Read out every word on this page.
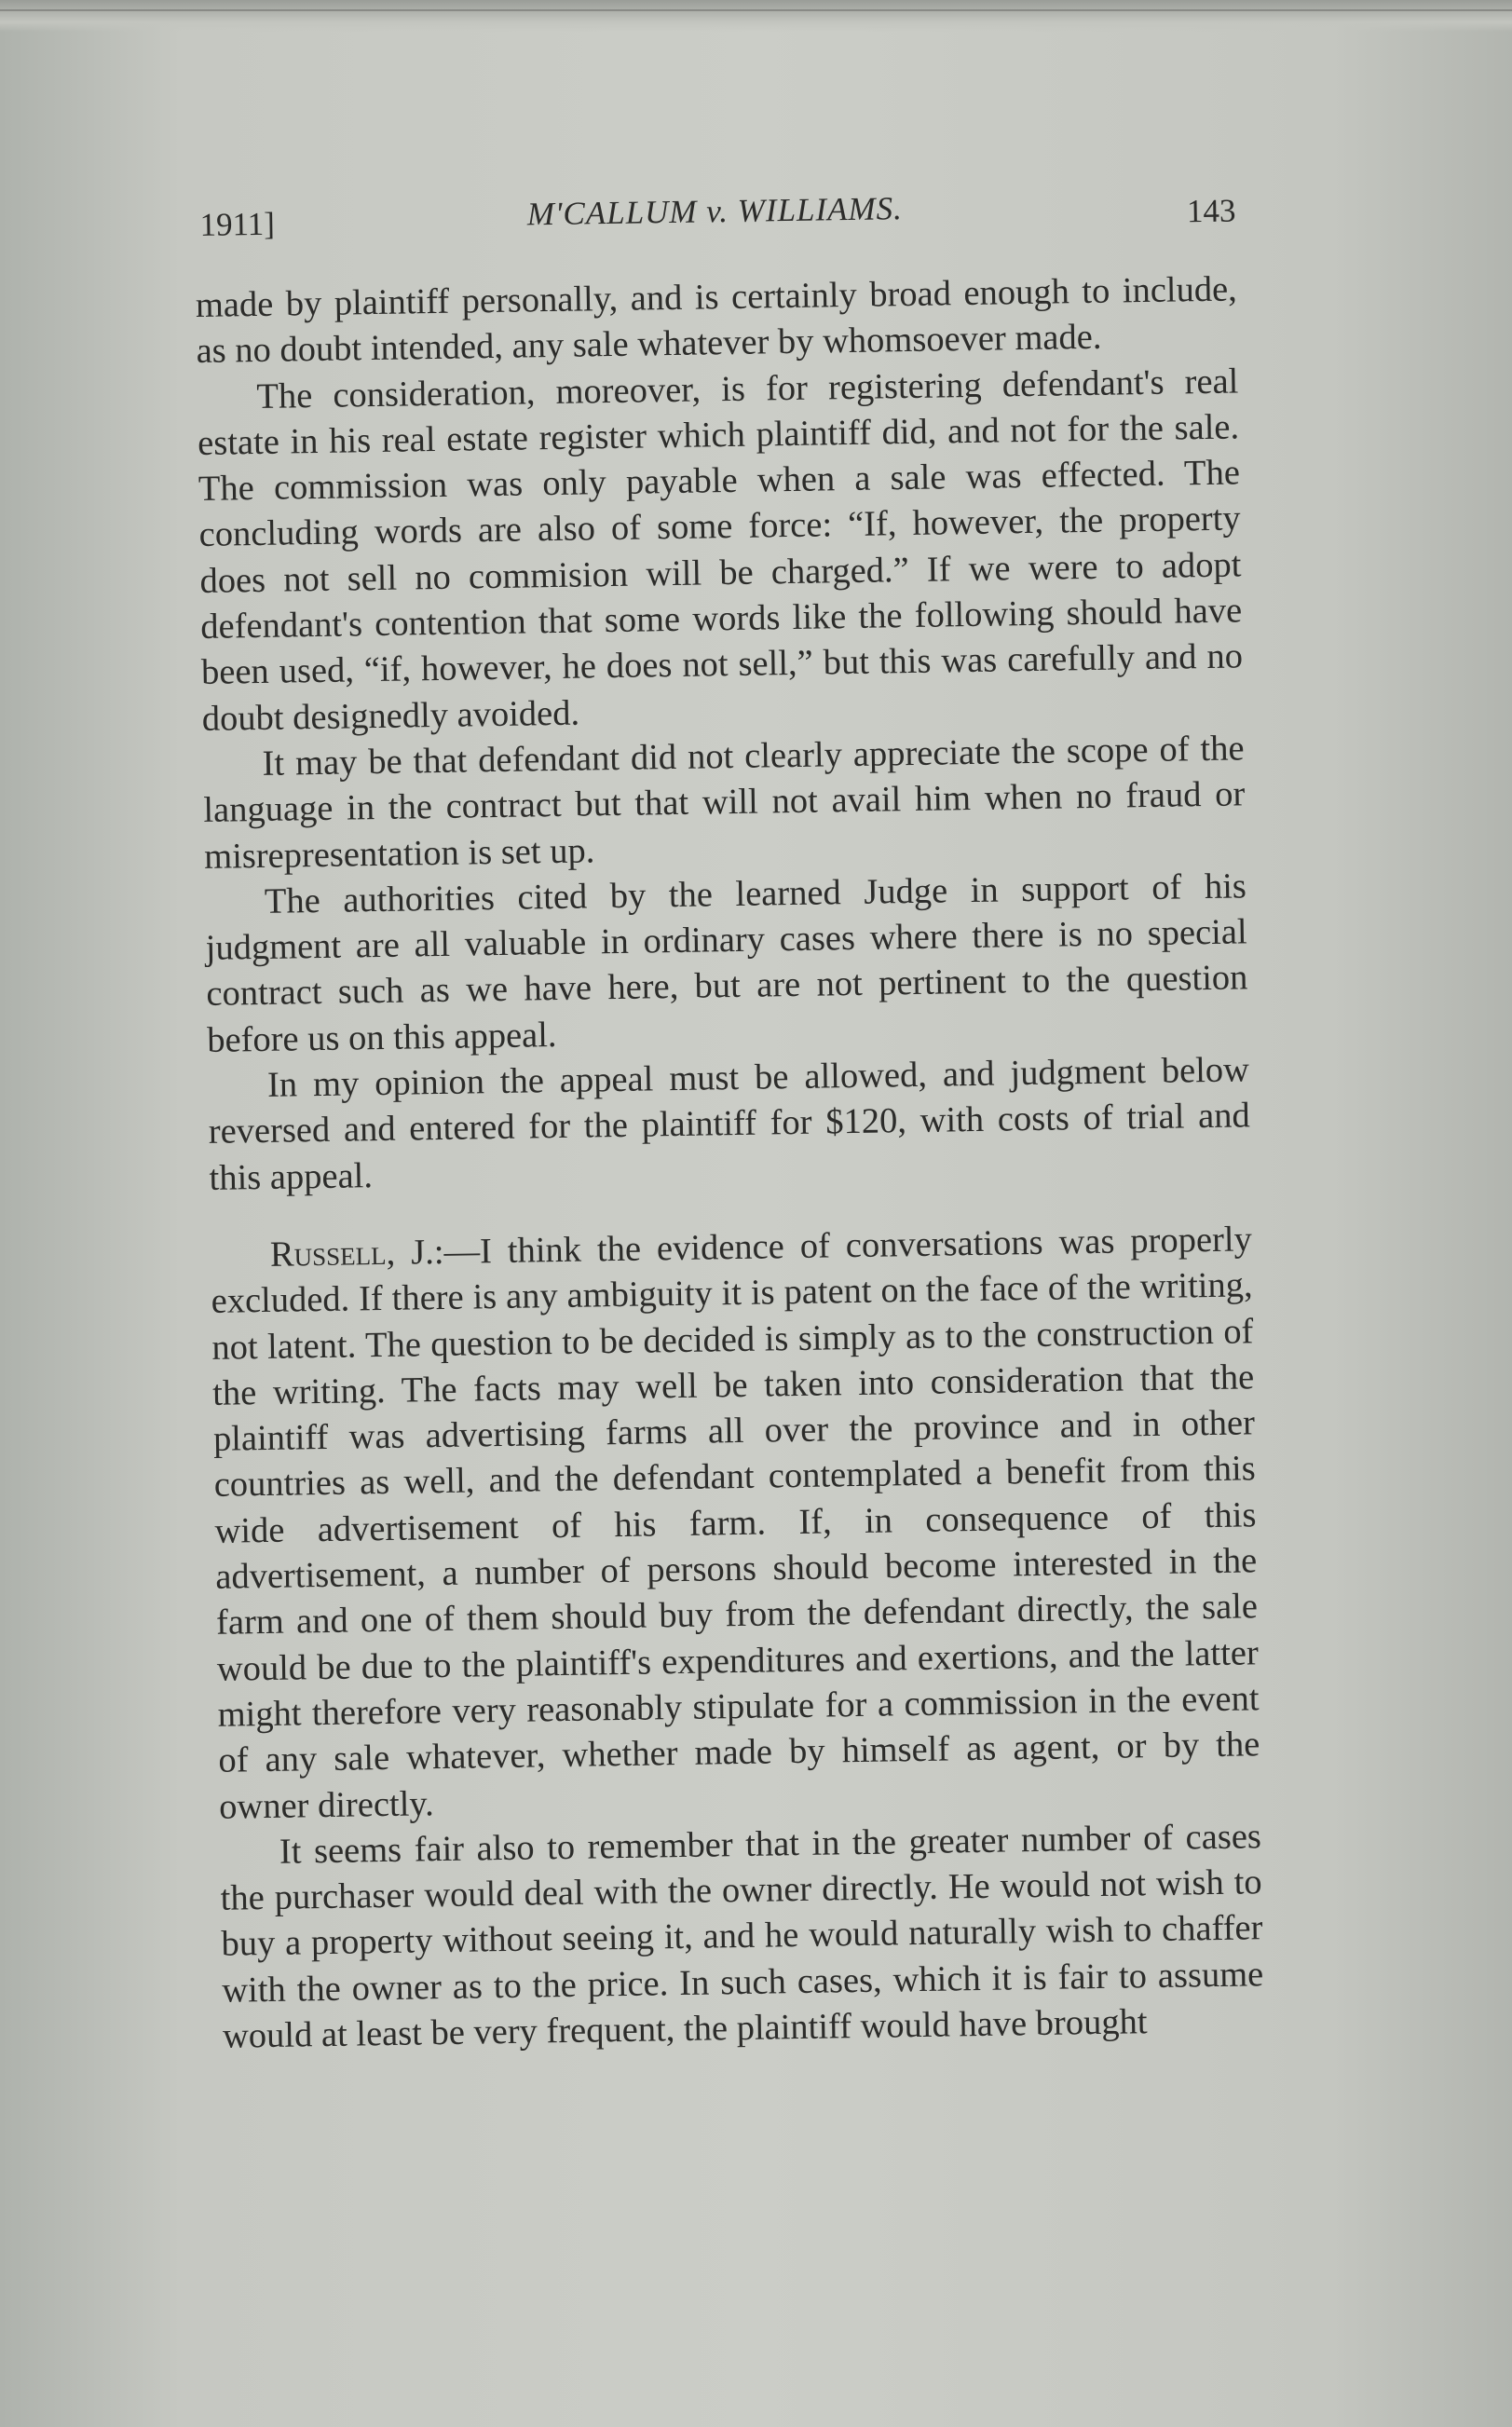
1911]	M'CALLUM v. WILLIAMS.	143

made by plaintiff personally, and is certainly broad enough to include, as no doubt intended, any sale whatever by whomsoever made.

The consideration, moreover, is for registering defendant's real estate in his real estate register which plaintiff did, and not for the sale. The commission was only payable when a sale was effected. The concluding words are also of some force: “If, however, the property does not sell no commision will be charged.” If we were to adopt defendant's contention that some words like the following should have been used, “if, however, he does not sell,” but this was carefully and no doubt designedly avoided.

It may be that defendant did not clearly appreciate the scope of the language in the contract but that will not avail him when no fraud or misrepresentation is set up.

The authorities cited by the learned Judge in support of his judgment are all valuable in ordinary cases where there is no special contract such as we have here, but are not pertinent to the question before us on this appeal.

In my opinion the appeal must be allowed, and judgment below reversed and entered for the plaintiff for $120, with costs of trial and this appeal.

Russell, J.:—I think the evidence of conversations was properly excluded. If there is any ambiguity it is patent on the face of the writing, not latent. The question to be decided is simply as to the construction of the writing. The facts may well be taken into consideration that the plaintiff was advertising farms all over the province and in other countries as well, and the defendant contemplated a benefit from this wide advertisement of his farm. If, in consequence of this advertisement, a number of persons should become interested in the farm and one of them should buy from the defendant directly, the sale would be due to the plaintiff's expenditures and exertions, and the latter might therefore very reasonably stipulate for a commission in the event of any sale whatever, whether made by himself as agent, or by the owner directly.

It seems fair also to remember that in the greater number of cases the purchaser would deal with the owner directly. He would not wish to buy a property without seeing it, and he would naturally wish to chaffer with the owner as to the price. In such cases, which it is fair to assume would at least be very frequent, the plaintiff would have brought
